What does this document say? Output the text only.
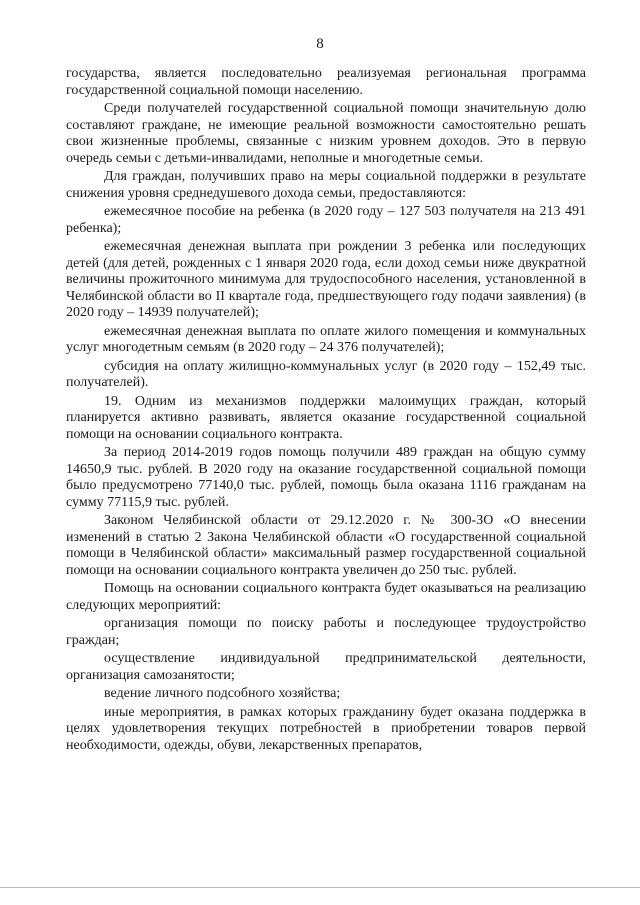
8

государства, является последовательно реализуемая региональная программа государственной социальной помощи населению.

Среди получателей государственной социальной помощи значительную долю составляют граждане, не имеющие реальной возможности самостоятельно решать свои жизненные проблемы, связанные с низким уровнем доходов. Это в первую очередь семьи с детьми-инвалидами, неполные и многодетные семьи.

Для граждан, получивших право на меры социальной поддержки в результате снижения уровня среднедушевого дохода семьи, предоставляются:

ежемесячное пособие на ребенка (в 2020 году – 127 503 получателя на 213 491 ребенка);

ежемесячная денежная выплата при рождении 3 ребенка или последующих детей (для детей, рожденных с 1 января 2020 года, если доход семьи ниже двукратной величины прожиточного минимума для трудоспособного населения, установленной в Челябинской области во II квартале года, предшествующего году подачи заявления) (в 2020 году – 14939 получателей);

ежемесячная денежная выплата по оплате жилого помещения и коммунальных услуг многодетным семьям (в 2020 году – 24 376 получателей);

субсидия на оплату жилищно-коммунальных услуг (в 2020 году – 152,49 тыс. получателей).

19. Одним из механизмов поддержки малоимущих граждан, который планируется активно развивать, является оказание государственной социальной помощи на основании социального контракта.

За период 2014-2019 годов помощь получили 489 граждан на общую сумму 14650,9 тыс. рублей. В 2020 году на оказание государственной социальной помощи было предусмотрено 77140,0 тыс. рублей, помощь была оказана 1116 гражданам на сумму 77115,9 тыс. рублей.

Законом Челябинской области от 29.12.2020 г. № 300-ЗО «О внесении изменений в статью 2 Закона Челябинской области «О государственной социальной помощи в Челябинской области» максимальный размер государственной социальной помощи на основании социального контракта увеличен до 250 тыс. рублей.

Помощь на основании социального контракта будет оказываться на реализацию следующих мероприятий:

организация помощи по поиску работы и последующее трудоустройство граждан;

осуществление индивидуальной предпринимательской деятельности, организация самозанятости;

ведение личного подсобного хозяйства;

иные мероприятия, в рамках которых гражданину будет оказана поддержка в целях удовлетворения текущих потребностей в приобретении товаров первой необходимости, одежды, обуви, лекарственных препаратов,
